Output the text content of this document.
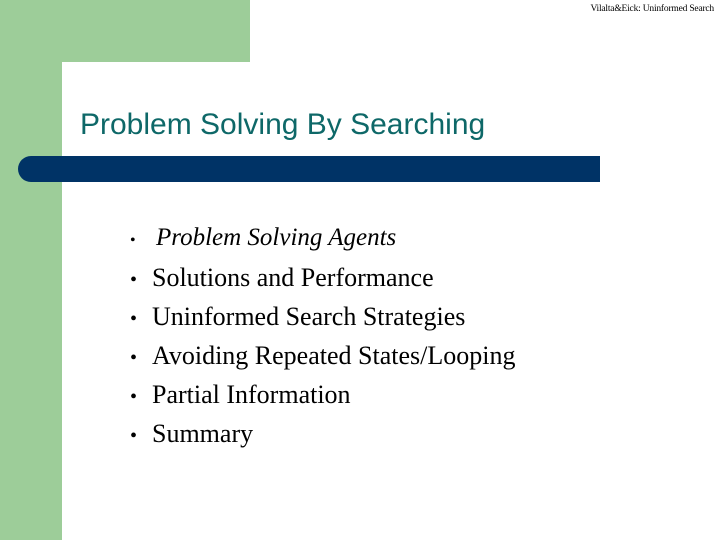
Vilalta&Eick: Uninformed Search
Problem Solving By Searching
• Problem Solving Agents
• Solutions and Performance
• Uninformed Search Strategies
• Avoiding Repeated States/Looping
• Partial Information
• Summary
